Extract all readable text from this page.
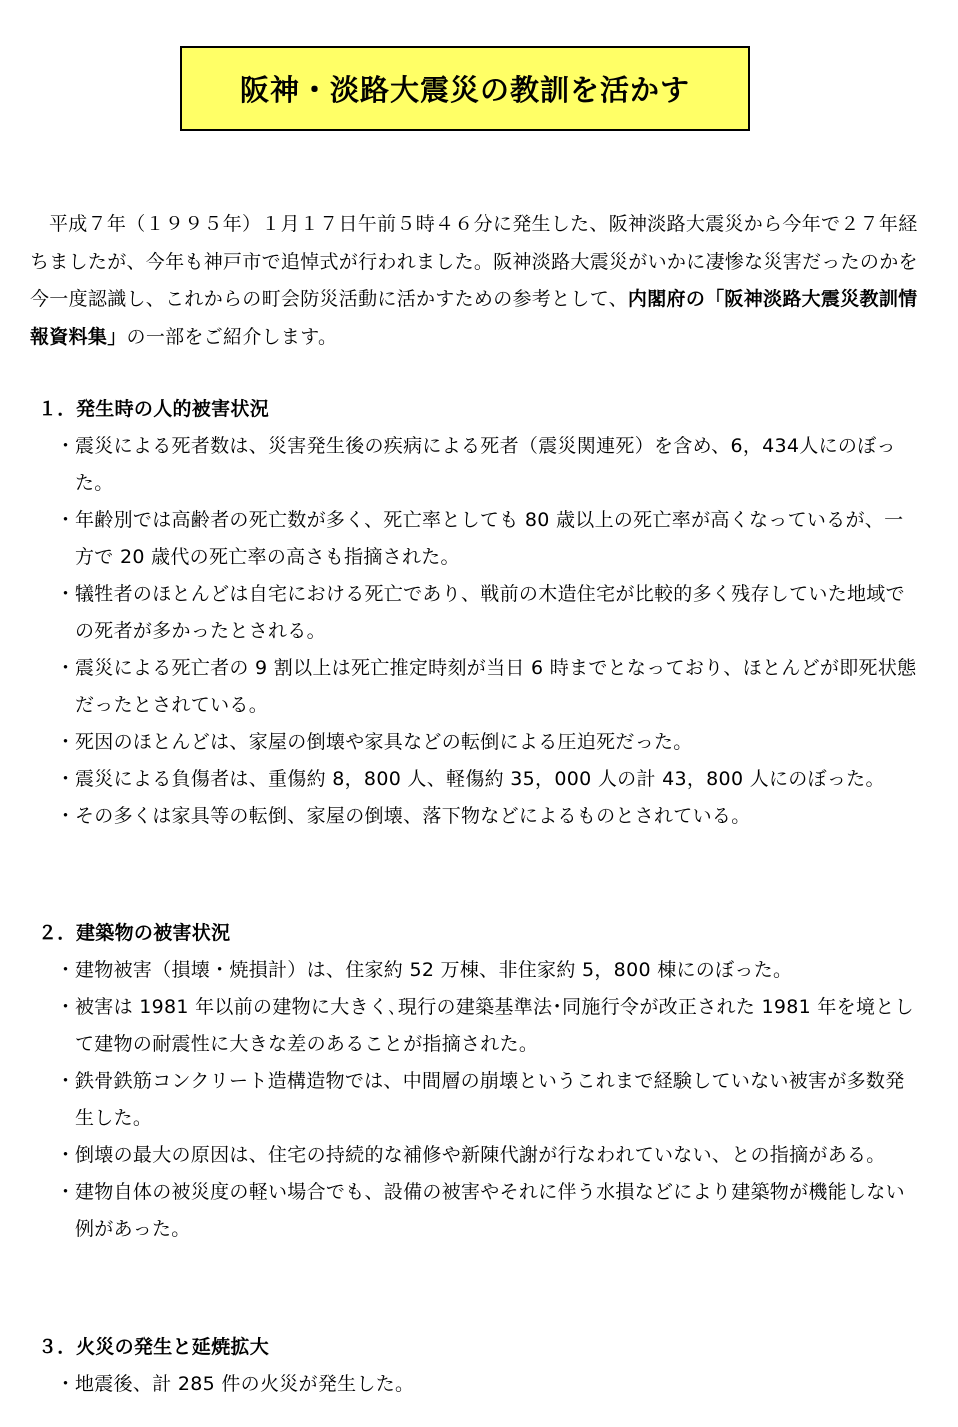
阪神・淡路大震災の教訓を活かす

平成７年（１９９５年）１月１７日午前５時４６分に発生した、阪神淡路大震災から今年で２７年経ちましたが、今年も神戸市で追悼式が行われました。阪神淡路大震災がいかに凄惨な災害だったのかを今一度認識し、これからの町会防災活動に活かすための参考として、内閣府の「阪神淡路大震災教訓情報資料集」の一部をご紹介します。

１．発生時の人的被害状況
・ 震災による死者数は、災害発生後の疾病による死者（震災関連死）を含め、6，434人にのぼった。
・ 年齢別では高齢者の死亡数が多く、死亡率としても 80 歳以上の死亡率が高くなっているが、一方で 20 歳代の死亡率の高さも指摘された。
・ 犠牲者のほとんどは自宅における死亡であり、戦前の木造住宅が比較的多く残存していた地域での死者が多かったとされる。
・ 震災による死亡者の 9 割以上は死亡推定時刻が当日 6 時までとなっており、ほとんどが即死状態だったとされている。
・ 死因のほとんどは、家屋の倒壊や家具などの転倒による圧迫死だった。
・ 震災による負傷者は、重傷約 8，800 人、軽傷約 35，000 人の計 43，800 人にのぼった。
・ その多くは家具等の転倒、家屋の倒壊、落下物などによるものとされている。
２．建築物の被害状況
・ 建物被害（損壊・焼損計）は、住家約 52 万棟、非住家約 5，800 棟にのぼった。
・ 被害は 1981 年以前の建物に大きく､現行の建築基準法･同施行令が改正された 1981 年を境として建物の耐震性に大きな差のあることが指摘された。
・ 鉄骨鉄筋コンクリート造構造物では、中間層の崩壊というこれまで経験していない被害が多数発生した。
・ 倒壊の最大の原因は、住宅の持続的な補修や新陳代謝が行なわれていない、との指摘がある。
・ 建物自体の被災度の軽い場合でも、設備の被害やそれに伴う水損などにより建築物が機能しない例があった。
３．火災の発生と延焼拡大
・ 地震後、計 285 件の火災が発生した。
